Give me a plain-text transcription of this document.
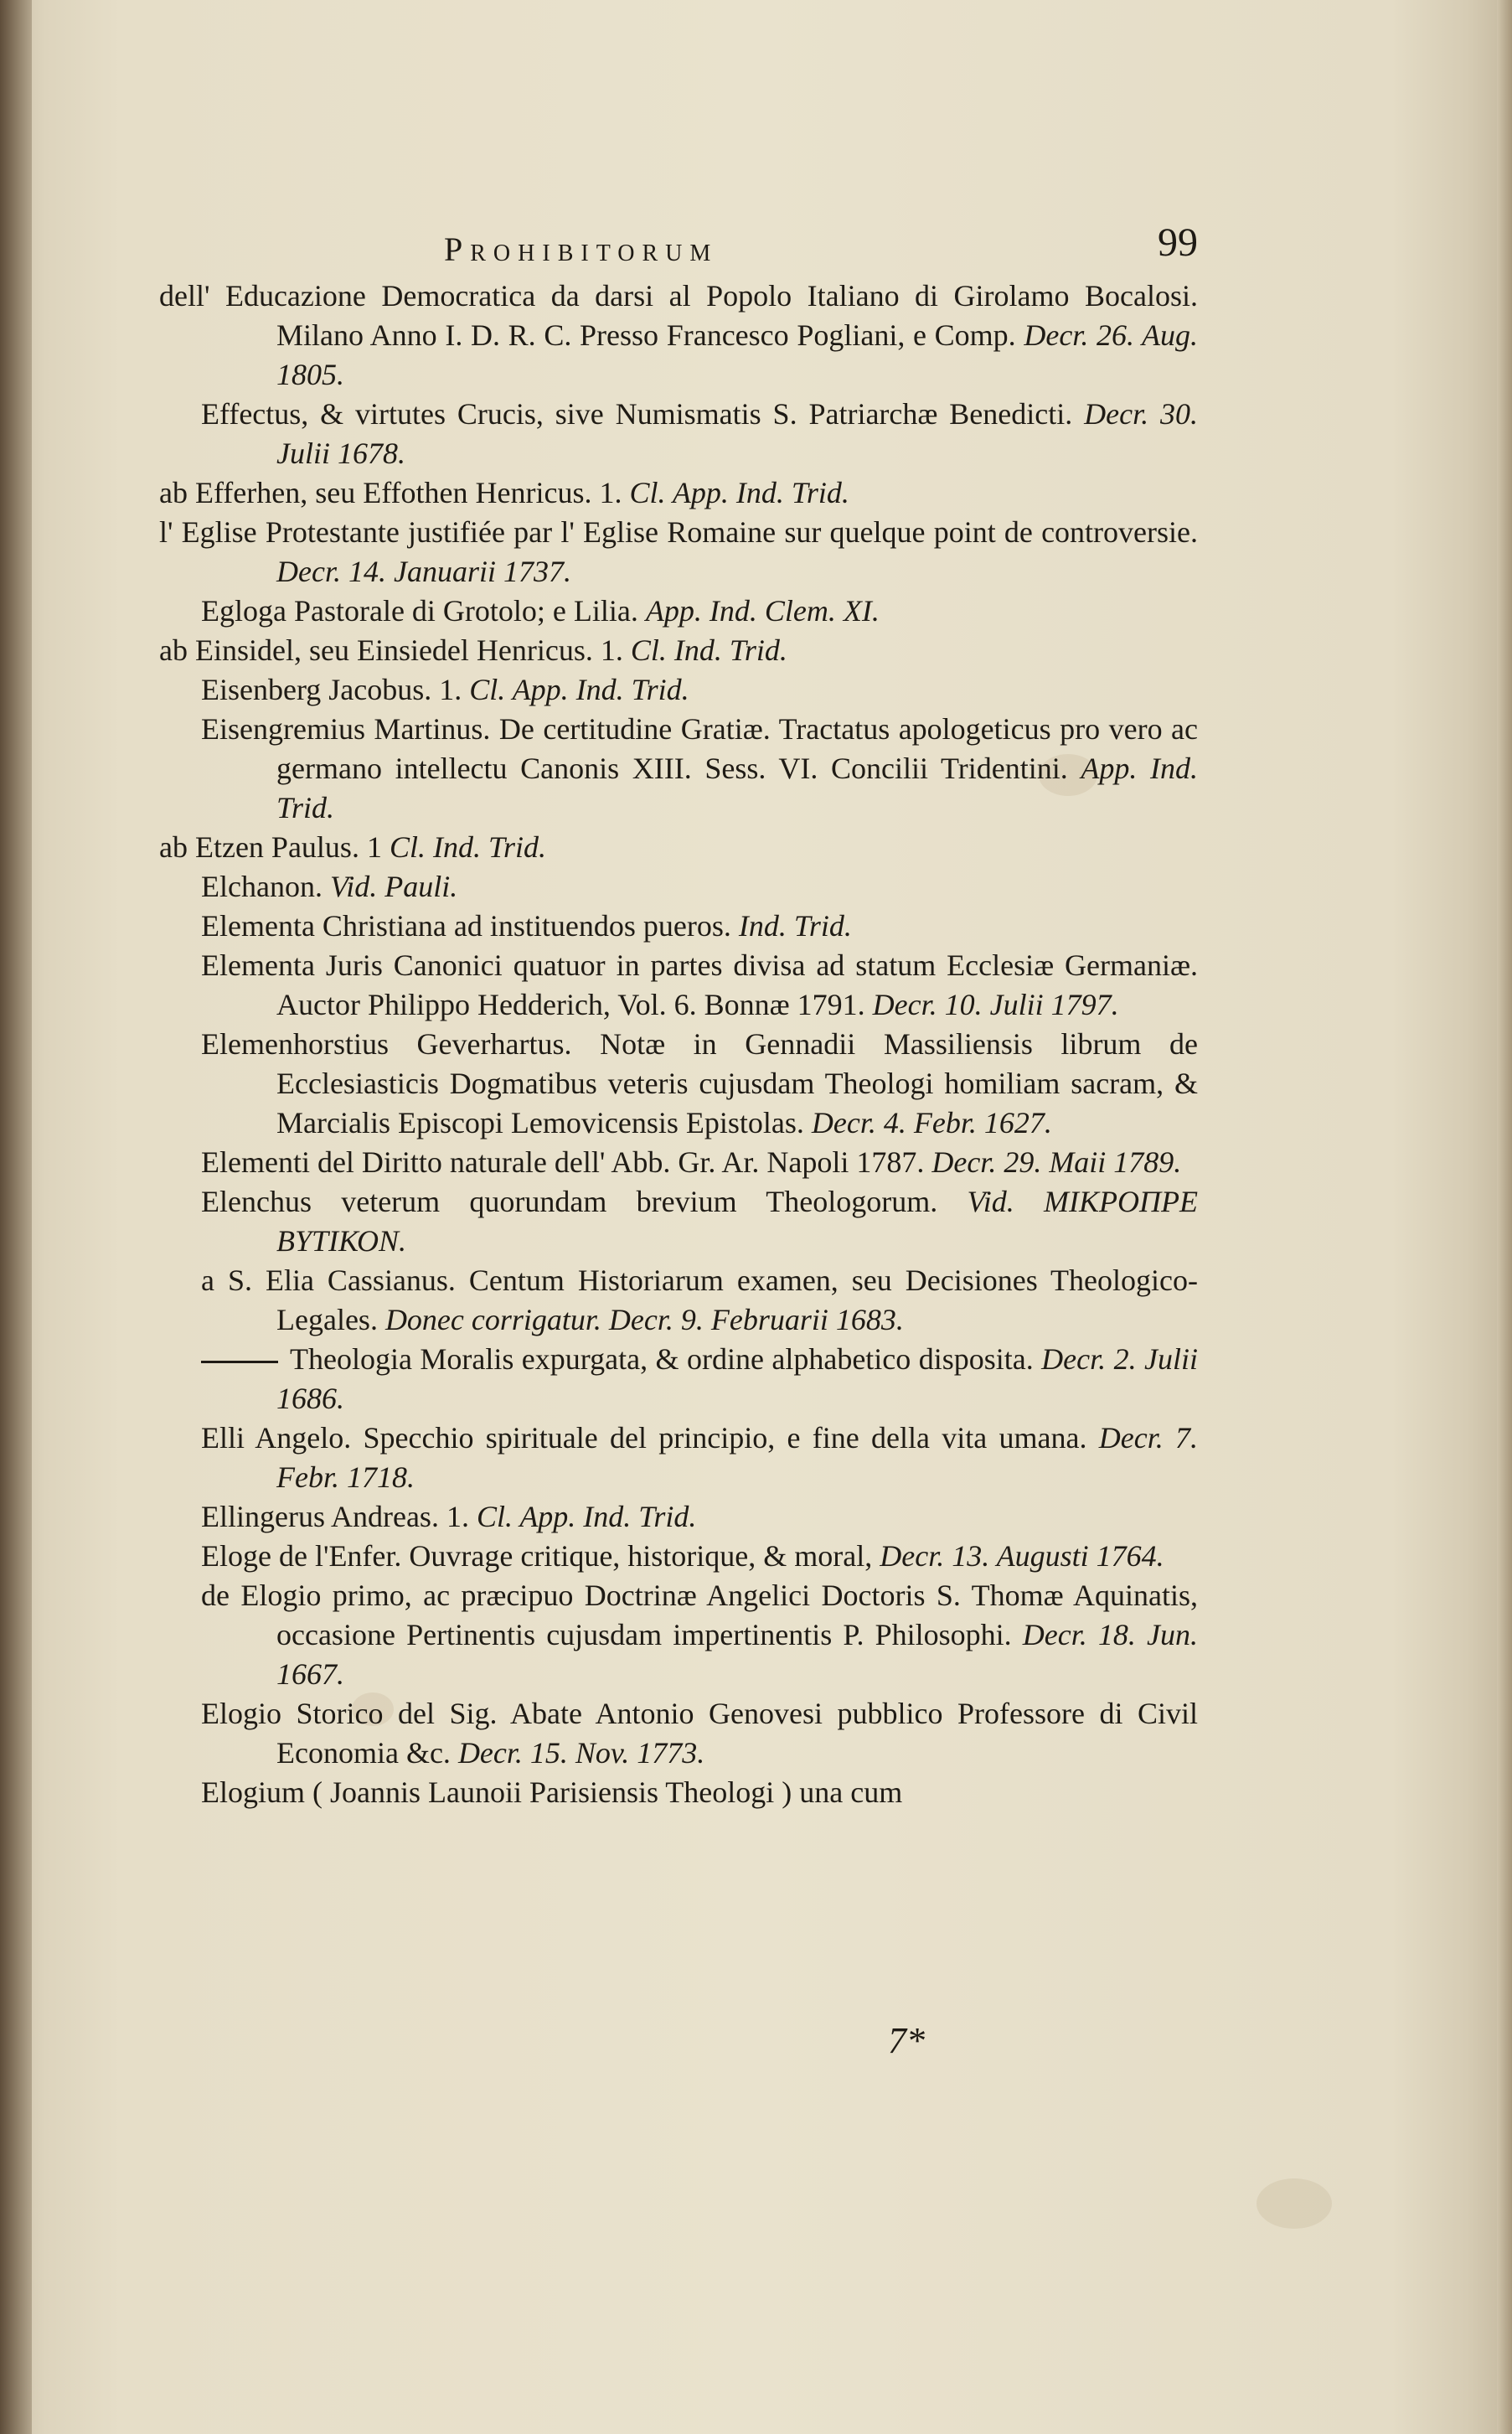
Prohibitorum	99

dell' Educazione Democratica da darsi al Popolo Italiano di Girolamo Bocalosi. Milano Anno I. D. R. C. Presso Francesco Pogliani, e Comp. Decr. 26. Aug. 1805.

Effectus, & virtutes Crucis, sive Numismatis S. Patriarchæ Benedicti. Decr. 30. Julii 1678.

ab Efferhen, seu Effothen Henricus. 1. Cl. App. Ind. Trid.

l' Eglise Protestante justifiée par l' Eglise Romaine sur quelque point de controversie. Decr. 14. Januarii 1737.

Egloga Pastorale di Grotolo; e Lilia. App. Ind. Clem. XI.

ab Einsidel, seu Einsiedel Henricus. 1. Cl. Ind. Trid.

Eisenberg Jacobus. 1. Cl. App. Ind. Trid.

Eisengremius Martinus. De certitudine Gratiæ. Tractatus apologeticus pro vero ac germano intellectu Canonis XIII. Sess. VI. Concilii Tridentini. App. Ind. Trid.

ab Etzen Paulus. 1 Cl. Ind. Trid.

Elchanon. Vid. Pauli.

Elementa Christiana ad instituendos pueros. Ind. Trid.

Elementa Juris Canonici quatuor in partes divisa ad statum Ecclesiæ Germaniæ. Auctor Philippo Hedderich, Vol. 6. Bonnæ 1791. Decr. 10. Julii 1797.

Elemenhorstius Geverhartus. Notæ in Gennadii Massiliensis librum de Ecclesiasticis Dogmatibus veteris cujusdam Theologi homiliam sacram, & Marcialis Episcopi Lemovicensis Epistolas. Decr. 4. Febr. 1627.

Elementi del Diritto naturale dell' Abb. Gr. Ar. Napoli 1787. Decr. 29. Maii 1789.

Elenchus veterum quorundam brevium Theologorum. Vid. ΜΙΚΡΟΠΡΕ ΒΥΤΙΚΟΝ.

a S. Elia Cassianus. Centum Historiarum examen, seu Decisiones Theologico-Legales. Donec corrigatur. Decr. 9. Februarii 1683.

Theologia Moralis expurgata, & ordine alphabetico disposita. Decr. 2. Julii 1686.

Elli Angelo. Specchio spirituale del principio, e fine della vita umana. Decr. 7. Febr. 1718.

Ellingerus Andreas. 1. Cl. App. Ind. Trid.

Eloge de l'Enfer. Ouvrage critique, historique, & moral, Decr. 13. Augusti 1764.

de Elogio primo, ac præcipuo Doctrinæ Angelici Doctoris S. Thomæ Aquinatis, occasione Pertinentis cujusdam impertinentis P. Philosophi. Decr. 18. Jun. 1667.

Elogio Storico del Sig. Abate Antonio Genovesi pubblico Professore di Civil Economia &c. Decr. 15. Nov. 1773.

Elogium ( Joannis Launoii Parisiensis Theologi ) una cum

7*
